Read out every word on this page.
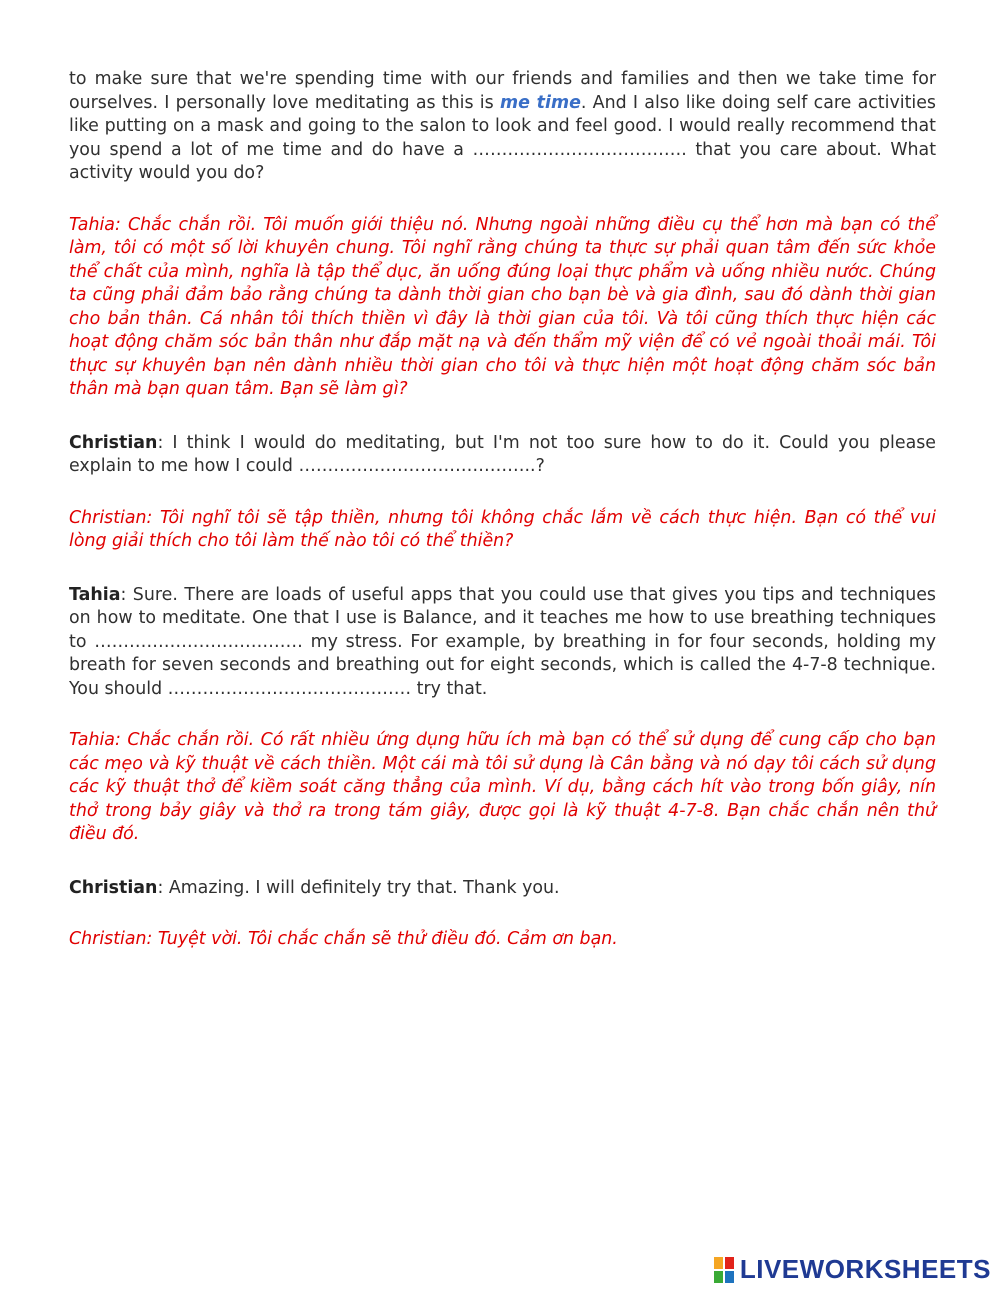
to make sure that we're spending time with our friends and families and then we take time for ourselves. I personally love meditating as this is me time. And I also like doing self care activities like putting on a mask and going to the salon to look and feel good. I would really recommend that you spend a lot of me time and do have a ………………………………. that you care about. What activity would you do?

Tahia: Chắc chắn rồi. Tôi muốn giới thiệu nó. Nhưng ngoài những điều cụ thể hơn mà bạn có thể làm, tôi có một số lời khuyên chung. Tôi nghĩ rằng chúng ta thực sự phải quan tâm đến sức khỏe thể chất của mình, nghĩa là tập thể dục, ăn uống đúng loại thực phẩm và uống nhiều nước. Chúng ta cũng phải đảm bảo rằng chúng ta dành thời gian cho bạn bè và gia đình, sau đó dành thời gian cho bản thân. Cá nhân tôi thích thiền vì đây là thời gian của tôi. Và tôi cũng thích thực hiện các hoạt động chăm sóc bản thân như đắp mặt nạ và đến thẩm mỹ viện để có vẻ ngoài thoải mái. Tôi thực sự khuyên bạn nên dành nhiều thời gian cho tôi và thực hiện một hoạt động chăm sóc bản thân mà bạn quan tâm. Bạn sẽ làm gì?

Christian: I think I would do meditating, but I'm not too sure how to do it. Could you please explain to me how I could …………………………………..?

Christian: Tôi nghĩ tôi sẽ tập thiền, nhưng tôi không chắc lắm về cách thực hiện. Bạn có thể vui lòng giải thích cho tôi làm thế nào tôi có thể thiền?

Tahia: Sure. There are loads of useful apps that you could use that gives you tips and techniques on how to meditate. One that I use is Balance, and it teaches me how to use breathing techniques to ……………………………… my stress. For example, by breathing in for four seconds, holding my breath for seven seconds and breathing out for eight seconds, which is called the 4-7-8 technique. You should …………………………………… try that.

Tahia: Chắc chắn rồi. Có rất nhiều ứng dụng hữu ích mà bạn có thể sử dụng để cung cấp cho bạn các mẹo và kỹ thuật về cách thiền. Một cái mà tôi sử dụng là Cân bằng và nó dạy tôi cách sử dụng các kỹ thuật thở để kiềm soát căng thẳng của mình. Ví dụ, bằng cách hít vào trong bốn giây, nín thở trong bảy giây và thở ra trong tám giây, được gọi là kỹ thuật 4-7-8. Bạn chắc chắn nên thử điều đó.

Christian: Amazing. I will definitely try that. Thank you.

Christian: Tuyệt vời. Tôi chắc chắn sẽ thử điều đó. Cảm ơn bạn.

LIVEWORKSHEETS
